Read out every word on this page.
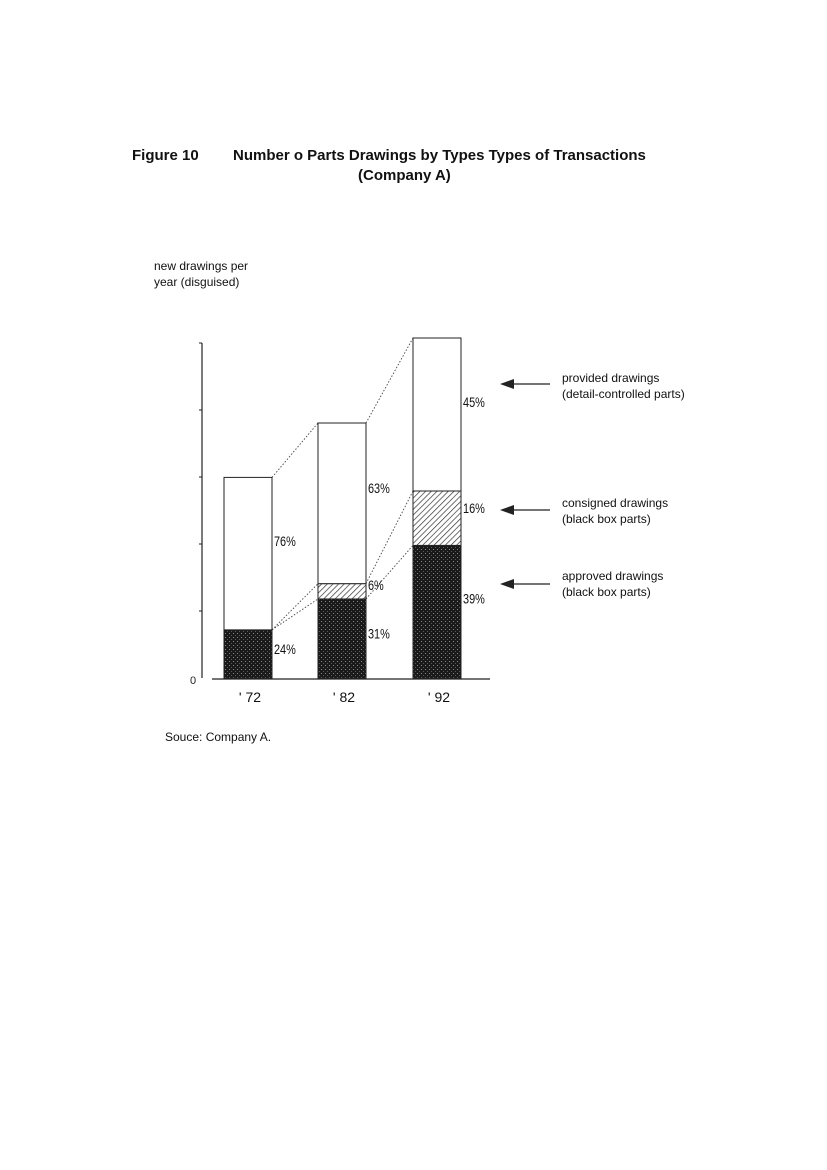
Figure 10 Number o Parts Drawings by Types Types of Transactions
(Company A)
new drawings per
year (disguised)
0
24%
76%
' 72
31%
6%
63%
' 82
39%
16%
45%
' 92
approved drawings
(black box parts)
consigned drawings
(black box parts)
provided drawings
(detail-controlled parts)
Souce: Company A.
